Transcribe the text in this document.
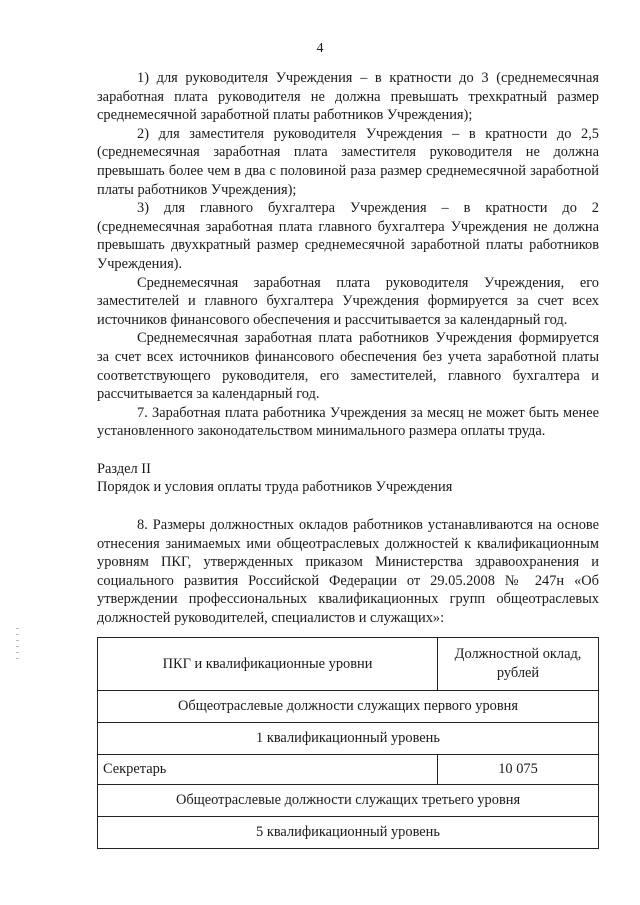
4

1) для руководителя Учреждения – в кратности до 3 (среднемесячная заработная плата руководителя не должна превышать трехкратный размер среднемесячной заработной платы работников Учреждения);

2) для заместителя руководителя Учреждения – в кратности до 2,5 (среднемесячная заработная плата заместителя руководителя не должна превышать более чем в два с половиной раза размер среднемесячной заработной платы работников Учреждения);

3) для главного бухгалтера Учреждения – в кратности до 2 (среднемесячная заработная плата главного бухгалтера Учреждения не должна превышать двухкратный размер среднемесячной заработной платы работников Учреждения).

Среднемесячная заработная плата руководителя Учреждения, его заместителей и главного бухгалтера Учреждения формируется за счет всех источников финансового обеспечения и рассчитывается за календарный год.

Среднемесячная заработная плата работников Учреждения формируется за счет всех источников финансового обеспечения без учета заработной платы соответствующего руководителя, его заместителей, главного бухгалтера и рассчитывается за календарный год.

7. Заработная плата работника Учреждения за месяц не может быть менее установленного законодательством минимального размера оплаты труда.

Раздел II

Порядок и условия оплаты труда работников Учреждения

8. Размеры должностных окладов работников устанавливаются на основе отнесения занимаемых ими общеотраслевых должностей к квалификационным уровням ПКГ, утвержденных приказом Министерства здравоохранения и социального развития Российской Федерации от 29.05.2008 № 247н «Об утверждении профессиональных квалификационных групп общеотраслевых должностей руководителей, специалистов и служащих»:

ПКГ и квалификационные уровни	Должностной оклад, рублей
Общеотраслевые должности служащих первого уровня	
1 квалификационный уровень	
Секретарь	10 075
Общеотраслевые должности служащих третьего уровня	
5 квалификационный уровень	
